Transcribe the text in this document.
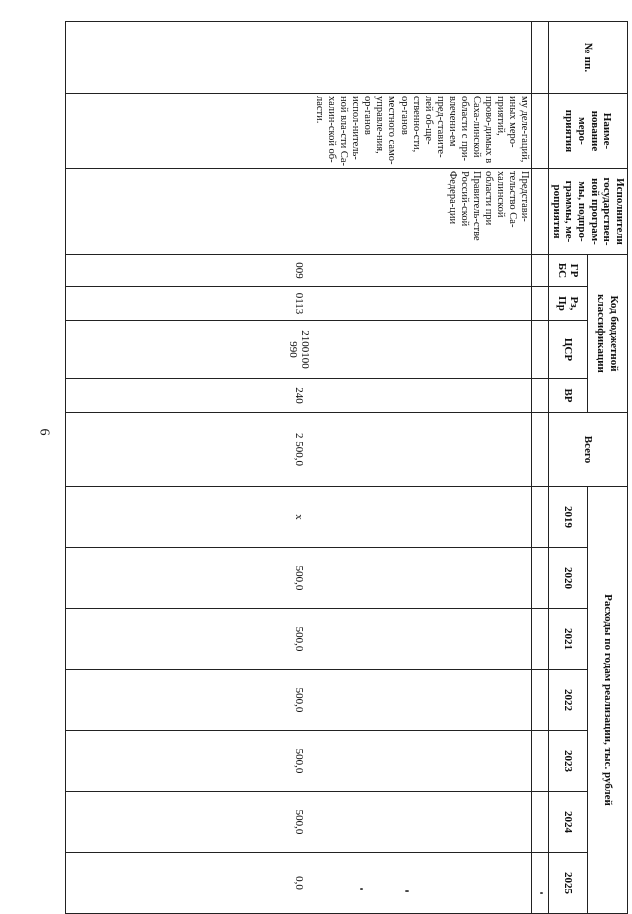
6
№ пп.	Наиме-нование меро-приятия	Исполнители государствен-ной програм-мы, подпро-граммы, ме-роприятия	Код бюджетной классификации				Всего	Расходы по годам реализации, тыс. рублей						
			ГР БС	Рз, Пр	ЦСР	ВР		2019	2020	2021	2022	2023	2024	2025

	му деле-гаций, иных меро-приятий, прово-димых в Саха-линской области с при-влечени-ем пред-ставите-лей об-ще-ственно-сти, ор-ганов местного само-управле-ния, ор-ганов испол-нитель-ной вла-сти Са-халин-ской об-ласти.	Представи-тельство Са-халинской области при Правитель-стве Россий-ской Федера-ции	009	0113	2100100 990	240	2 500,0	x	500,0	500,0	500,0	500,0	500,0	0,0
